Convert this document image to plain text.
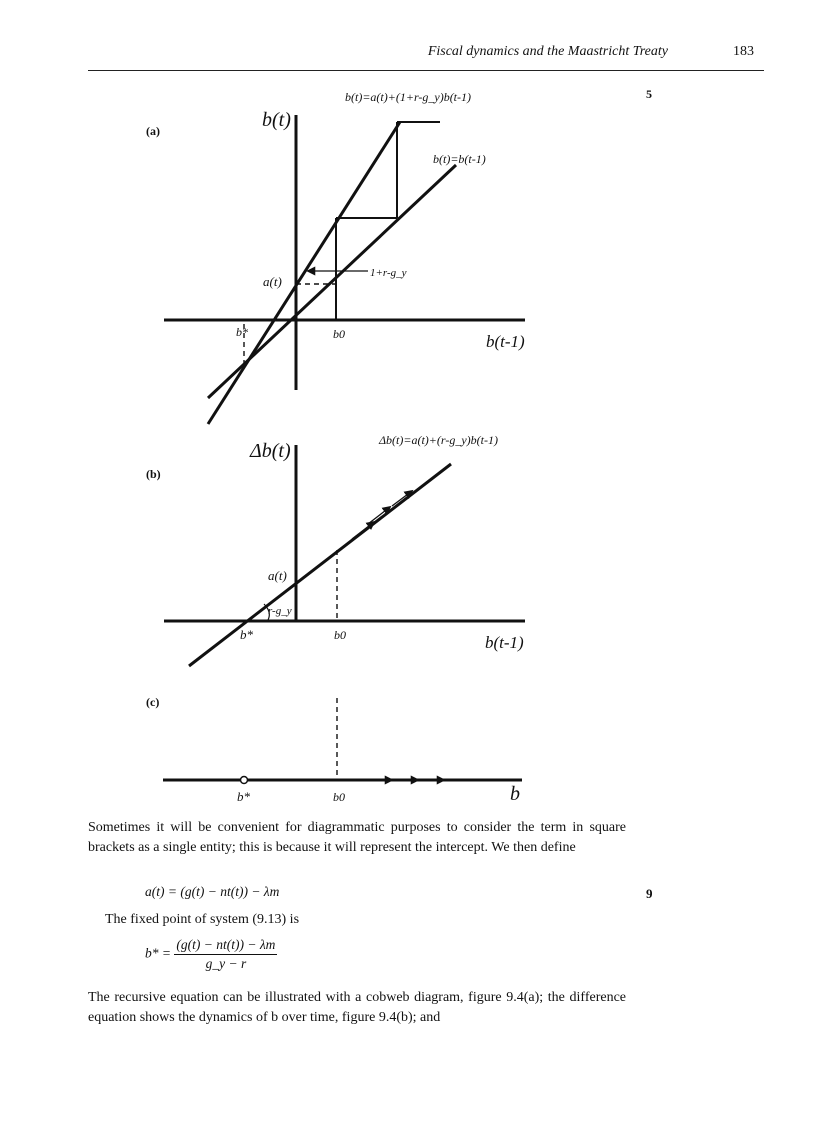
Fiscal dynamics and the Maastricht Treaty	183
(a)
5
b(t)
b(t-1)
b(t)=a(t)+(1+r-g_y)b(t-1)
b(t)=b(t-1)
a(t)
1+r-g_y
b*	b0
(b)
Δb(t)
b(t-1)
Δb(t)=a(t)+(r-g_y)b(t-1)
a(t)
r-g_y
b*	b0
(c)
b*	b0	b
Sometimes it will be convenient for diagrammatic purposes to consider the term in square brackets as a single entity; this is because it will represent the intercept. We then define
a(t) = (g(t) − nt(t)) − λm	9
The fixed point of system (9.13) is
$b* = \frac{(g(t) - nt(t)) - \lambda m}{g\_y - r}$
The recursive equation can be illustrated with a cobweb diagram, figure 9.4(a); the difference equation shows the dynamics of b over time, figure 9.4(b); and
